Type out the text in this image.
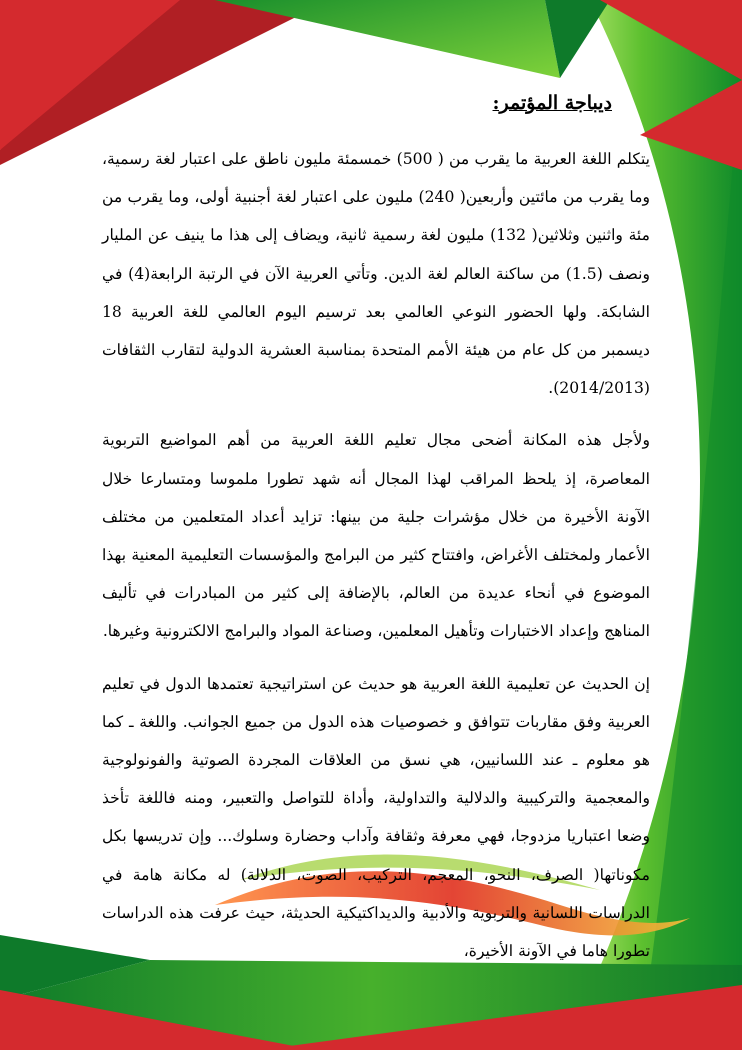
ديباجة المؤتمر:

يتكلم اللغة العربية ما يقرب من ( 500) خمسمئة مليون ناطق على اعتبار لغة رسمية، وما يقرب من مائتين وأربعين( 240) مليون على اعتبار لغة أجنبية أولى، وما يقرب من مئة واثنين وثلاثين( 132) مليون لغة رسمية ثانية، ويضاف إلى هذا ما ينيف عن المليار ونصف (1.5) من ساكنة العالم لغة الدين. وتأتي العربية الآن في الرتبة الرابعة(4) في الشابكة. ولها الحضور النوعي العالمي بعد ترسيم اليوم العالمي للغة العربية 18 ديسمبر من كل عام من هيئة الأمم المتحدة بمناسبة العشرية الدولية لتقارب الثقافات (2014/2013).

ولأجل هذه المكانة أضحى مجال تعليم اللغة العربية من أهم المواضيع التربوية المعاصرة، إذ يلحظ المراقب لهذا المجال أنه شهد تطورا ملموسا ومتسارعا خلال الآونة الأخيرة من خلال مؤشرات جلية من بينها: تزايد أعداد المتعلمين من مختلف الأعمار ولمختلف الأغراض، وافتتاح كثير من البرامج والمؤسسات التعليمية المعنية بهذا الموضوع في أنحاء عديدة من العالم، بالإضافة إلى كثير من المبادرات في تأليف المناهج وإعداد الاختبارات وتأهيل المعلمين، وصناعة المواد والبرامج الالكترونية وغيرها.

إن الحديث عن تعليمية اللغة العربية هو حديث عن استراتيجية تعتمدها الدول في تعليم العربية وفق مقاربات تتوافق و خصوصيات هذه الدول من جميع الجوانب. واللغة ـ كما هو معلوم ـ عند اللسانيين، هي نسق من العلاقات المجردة الصوتية والفونولوجية والمعجمية والتركيبية والدلالية والتداولية، وأداة للتواصل والتعبير، ومنه فاللغة تأخذ وضعا اعتباريا مزدوجا، فهي معرفة وثقافة وآداب وحضارة وسلوك... وإن تدريسها بكل مكوناتها( الصرف، النحو، المعجم، التركيب، الصوت، الدلالة) له مكانة هامة في الدراسات اللسانية والتربوية والأدبية والديداكتيكية الحديثة، حيث عرفت هذه الدراسات تطورا هاما في الآونة الأخيرة،
